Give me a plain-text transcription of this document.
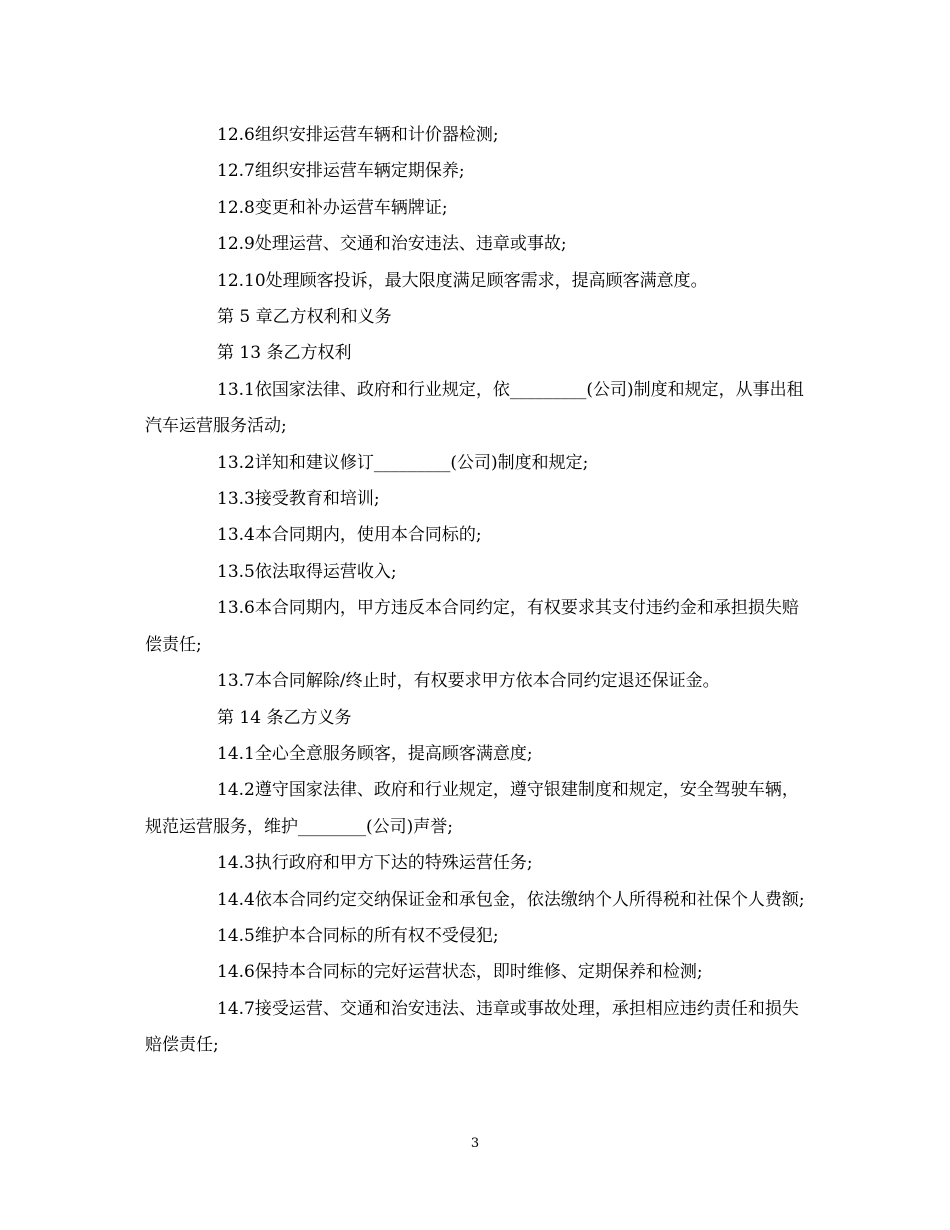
12.6组织安排运营车辆和计价器检测;

12.7组织安排运营车辆定期保养;

12.8变更和补办运营车辆牌证;

12.9处理运营、交通和治安违法、违章或事故;

12.10处理顾客投诉，最大限度满足顾客需求，提高顾客满意度。

第 5 章乙方权利和义务

第 13 条乙方权利

13.1依国家法律、政府和行业规定，依_________(公司)制度和规定，从事出租汽车运营服务活动;

13.2详知和建议修订_________(公司)制度和规定;

13.3接受教育和培训;

13.4本合同期内，使用本合同标的;

13.5依法取得运营收入;

13.6本合同期内，甲方违反本合同约定，有权要求其支付违约金和承担损失赔偿责任;

13.7本合同解除/终止时，有权要求甲方依本合同约定退还保证金。

第 14 条乙方义务

14.1全心全意服务顾客，提高顾客满意度;

14.2遵守国家法律、政府和行业规定，遵守银建制度和规定，安全驾驶车辆，规范运营服务，维护________(公司)声誉;

14.3执行政府和甲方下达的特殊运营任务;

14.4依本合同约定交纳保证金和承包金，依法缴纳个人所得税和社保个人费额;

14.5维护本合同标的所有权不受侵犯;

14.6保持本合同标的完好运营状态，即时维修、定期保养和检测;

14.7接受运营、交通和治安违法、违章或事故处理，承担相应违约责任和损失赔偿责任;

3
